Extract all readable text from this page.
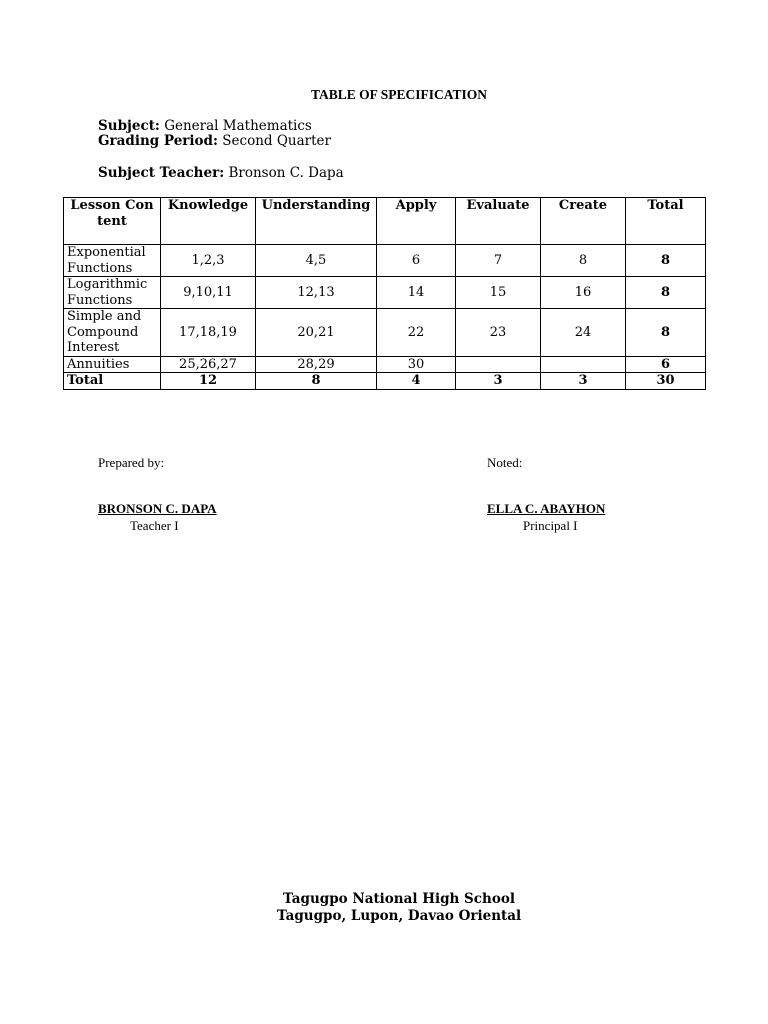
TABLE OF SPECIFICATION
Subject: General Mathematics
Grading Period: Second Quarter
Subject Teacher: Bronson C. Dapa
Lesson Con tent	Knowledge	Understanding	Apply	Evaluate	Create	Total
Exponential Functions	1,2,3	4,5	6	7	8	8
Logarithmic Functions	9,10,11	12,13	14	15	16	8
Simple and Compound Interest	17,18,19	20,21	22	23	24	8
Annuities	25,26,27	28,29	30			6
Total	12	8	4	3	3	30
Prepared by:	Noted:
BRONSON C. DAPA	ELLA C. ABAYHON
Teacher I	Principal I
Tagugpo National High School
Tagugpo, Lupon, Davao Oriental
